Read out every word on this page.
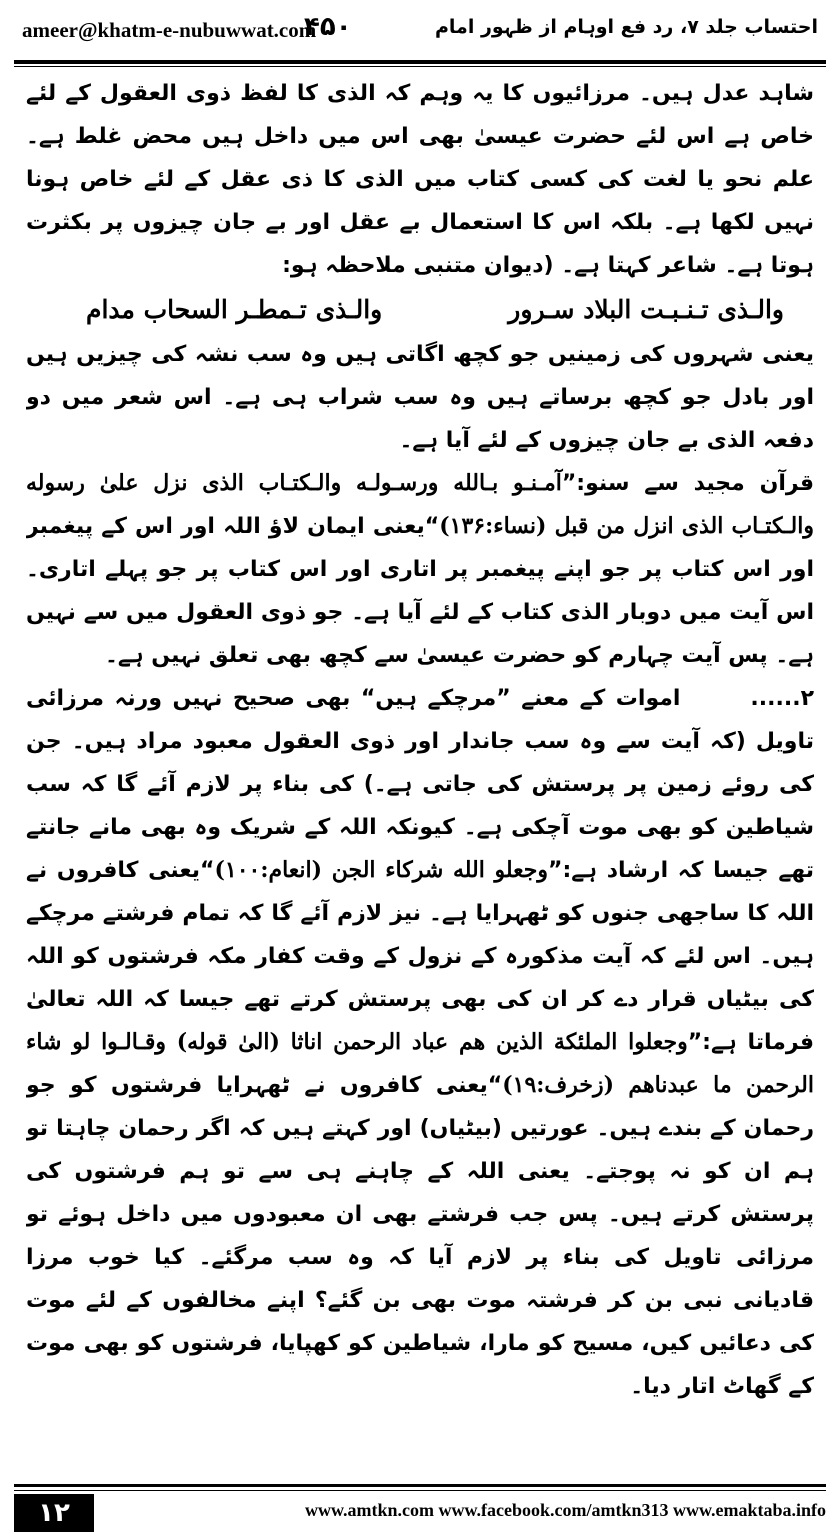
ameer@khatm-e-nubuwwat.com
۴۵۰	احتساب جلد ۷، رد فع اوہام از ظہور امام

شاہد عدل ہیں۔ مرزائیوں کا یہ وہم کہ الذی کا لفظ ذوی العقول کے لئے خاص ہے اس لئے حضرت عیسیٰ بھی اس میں داخل ہیں محض غلط ہے۔ علم نحو یا لغت کی کسی کتاب میں الذی کا ذی عقل کے لئے خاص ہونا نہیں لکھا ہے۔ بلکہ اس کا استعمال بے عقل اور بے جان چیزوں پر بکثرت ہوتا ہے۔ شاعر کہتا ہے۔ (دیوان متنبی ملاحظہ ہو:

والـذی تـنـبـت البلاد سـرور
والـذی تـمطـر السحاب مدام

یعنی شہروں کی زمینیں جو کچھ اگاتی ہیں وہ سب نشہ کی چیزیں ہیں اور بادل جو کچھ برساتے ہیں وہ سب شراب ہی ہے۔ اس شعر میں دو دفعہ الذی بے جان چیزوں کے لئے آیا ہے۔

قرآن مجید سے سنو:”آمـنـو بـالله ورسـولـه والـكتـاب الذى نزل علىٰ رسوله والـكتـاب الذى انزل من قبل (نساء:۱۳۶)“یعنی ایمان لاؤ اللہ اور اس کے پیغمبر اور اس کتاب پر جو اپنے پیغمبر پر اتاری اور اس کتاب پر جو پہلے اتاری۔ اس آیت میں دوبار الذی کتاب کے لئے آیا ہے۔ جو ذوی العقول میں سے نہیں ہے۔ پس آیت چہارم کو حضرت عیسیٰ سے کچھ بھی تعلق نہیں ہے۔

۲......اموات کے معنے ”مرچکے ہیں“ بھی صحیح نہیں ورنہ مرزائی تاویل (کہ آیت سے وہ سب جاندار اور ذوی العقول معبود مراد ہیں۔ جن کی روئے زمین پر پرستش کی جاتی ہے۔) کی بناء پر لازم آئے گا کہ سب شیاطین کو بھی موت آچکی ہے۔ کیونکہ اللہ کے شریک وہ بھی مانے جانتے تھے جیسا کہ ارشاد ہے:”وجعلو الله شركاء الجن (انعام:۱۰۰)“یعنی کافروں نے اللہ کا ساجھی جنوں کو ٹھہرایا ہے۔ نیز لازم آئے گا کہ تمام فرشتے مرچکے ہیں۔ اس لئے کہ آیت مذکورہ کے نزول کے وقت کفار مکہ فرشتوں کو اللہ کی بیٹیاں قرار دے کر ان کی بھی پرستش کرتے تھے جیسا کہ اللہ تعالیٰ فرماتا ہے:”وجعلوا الملئكة الذين هم عباد الرحمن اناثا (الىٰ قوله) وقـالـوا لو شاء الرحمن ما عبدناهم (زخرف:۱۹)“یعنی کافروں نے ٹھہرایا فرشتوں کو جو رحمان کے بندے ہیں۔ عورتیں (بیٹیاں) اور کہتے ہیں کہ اگر رحمان چاہتا تو ہم ان کو نہ پوجتے۔ یعنی اللہ کے چاہنے ہی سے تو ہم فرشتوں کی پرستش کرتے ہیں۔ پس جب فرشتے بھی ان معبودوں میں داخل ہوئے تو مرزائی تاویل کی بناء پر لازم آیا کہ وہ سب مرگئے۔ کیا خوب مرزا قادیانی نبی بن کر فرشتہ موت بھی بن گئے؟ اپنے مخالفوں کے لئے موت کی دعائیں کیں، مسیح کو مارا، شیاطین کو کھپایا، فرشتوں کو بھی موت کے گھاٹ اتار دیا۔

۱۲	www.amtkn.com www.facebook.com/amtkn313 www.emaktaba.info
